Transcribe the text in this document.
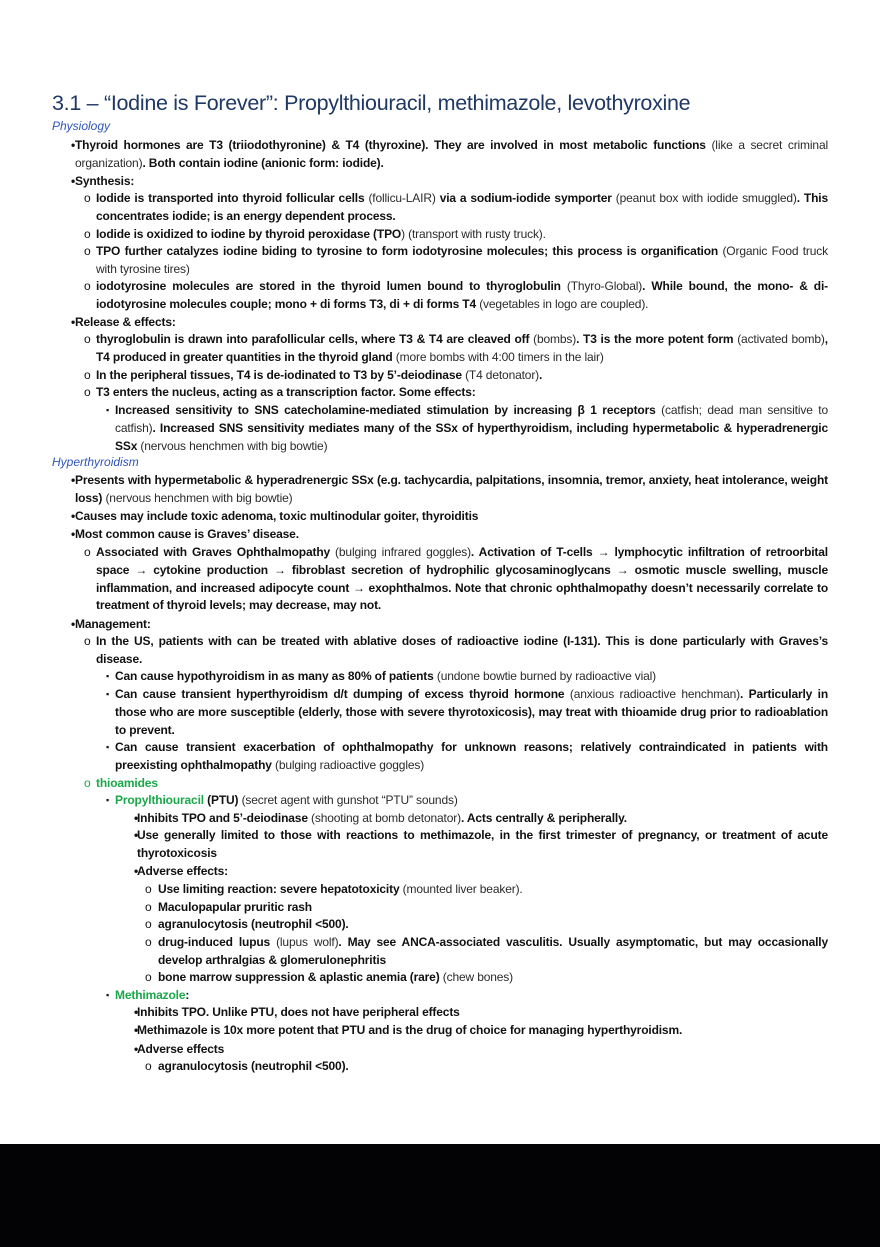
3.1 – “Iodine is Forever”: Propylthiouracil, methimazole, levothyroxine
Physiology
• Thyroid hormones are T3 (triiodothyronine) & T4 (thyroxine). They are involved in most metabolic functions (like a secret criminal organization). Both contain iodine (anionic form: iodide).
• Synthesis:
o Iodide is transported into thyroid follicular cells (follicu-LAIR) via a sodium-iodide symporter (peanut box with iodide smuggled). This concentrates iodide; is an energy dependent process.
o Iodide is oxidized to iodine by thyroid peroxidase (TPO) (transport with rusty truck).
o TPO further catalyzes iodine biding to tyrosine to form iodotyrosine molecules; this process is organification (Organic Food truck with tyrosine tires)
o iodotyrosine molecules are stored in the thyroid lumen bound to thyroglobulin (Thyro-Global). While bound, the mono- & di-iodotyrosine molecules couple; mono + di forms T3, di + di forms T4 (vegetables in logo are coupled).
• Release & effects:
o thyroglobulin is drawn into parafollicular cells, where T3 & T4 are cleaved off (bombs). T3 is the more potent form (activated bomb), T4 produced in greater quantities in the thyroid gland (more bombs with 4:00 timers in the lair)
o In the peripheral tissues, T4 is de-iodinated to T3 by 5’-deiodinase (T4 detonator).
o T3 enters the nucleus, acting as a transcription factor. Some effects:
▪ Increased sensitivity to SNS catecholamine-mediated stimulation by increasing β 1 receptors (catfish; dead man sensitive to catfish). Increased SNS sensitivity mediates many of the SSx of hyperthyroidism, including hypermetabolic & hyperadrenergic SSx (nervous henchmen with big bowtie)
Hyperthyroidism
• Presents with hypermetabolic & hyperadrenergic SSx (e.g. tachycardia, palpitations, insomnia, tremor, anxiety, heat intolerance, weight loss) (nervous henchmen with big bowtie)
• Causes may include toxic adenoma, toxic multinodular goiter, thyroiditis
• Most common cause is Graves’ disease.
o Associated with Graves Ophthalmopathy (bulging infrared goggles). Activation of T-cells → lymphocytic infiltration of retroorbital space → cytokine production → fibroblast secretion of hydrophilic glycosaminoglycans → osmotic muscle swelling, muscle inflammation, and increased adipocyte count → exophthalmos. Note that chronic ophthalmopathy doesn’t necessarily correlate to treatment of thyroid levels; may decrease, may not.
• Management:
o In the US, patients with can be treated with ablative doses of radioactive iodine (I-131). This is done particularly with Graves’s disease.
▪ Can cause hypothyroidism in as many as 80% of patients (undone bowtie burned by radioactive vial)
▪ Can cause transient hyperthyroidism d/t dumping of excess thyroid hormone (anxious radioactive henchman). Particularly in those who are more susceptible (elderly, those with severe thyrotoxicosis), may treat with thioamide drug prior to radioablation to prevent.
▪ Can cause transient exacerbation of ophthalmopathy for unknown reasons; relatively contraindicated in patients with preexisting ophthalmopathy (bulging radioactive goggles)
o thioamides
▪ Propylthiouracil (PTU) (secret agent with gunshot “PTU” sounds)
•
Inhibits TPO and 5’-deiodinase (shooting at bomb detonator). Acts centrally & peripherally.
•
Use generally limited to those with reactions to methimazole, in the first trimester of pregnancy, or treatment of acute thyrotoxicosis
•
Adverse effects:
o Use limiting reaction: severe hepatotoxicity (mounted liver beaker).
o Maculopapular pruritic rash
o agranulocytosis (neutrophil <500).
o drug-induced lupus (lupus wolf). May see ANCA-associated vasculitis. Usually asymptomatic, but may occasionally develop arthralgias & glomerulonephritis
o bone marrow suppression & aplastic anemia (rare) (chew bones)
▪ Methimazole:
•
Inhibits TPO. Unlike PTU, does not have peripheral effects
•
Methimazole is 10x more potent that PTU and is the drug of choice for managing hyperthyroidism.
•
Adverse effects
o agranulocytosis (neutrophil <500).
